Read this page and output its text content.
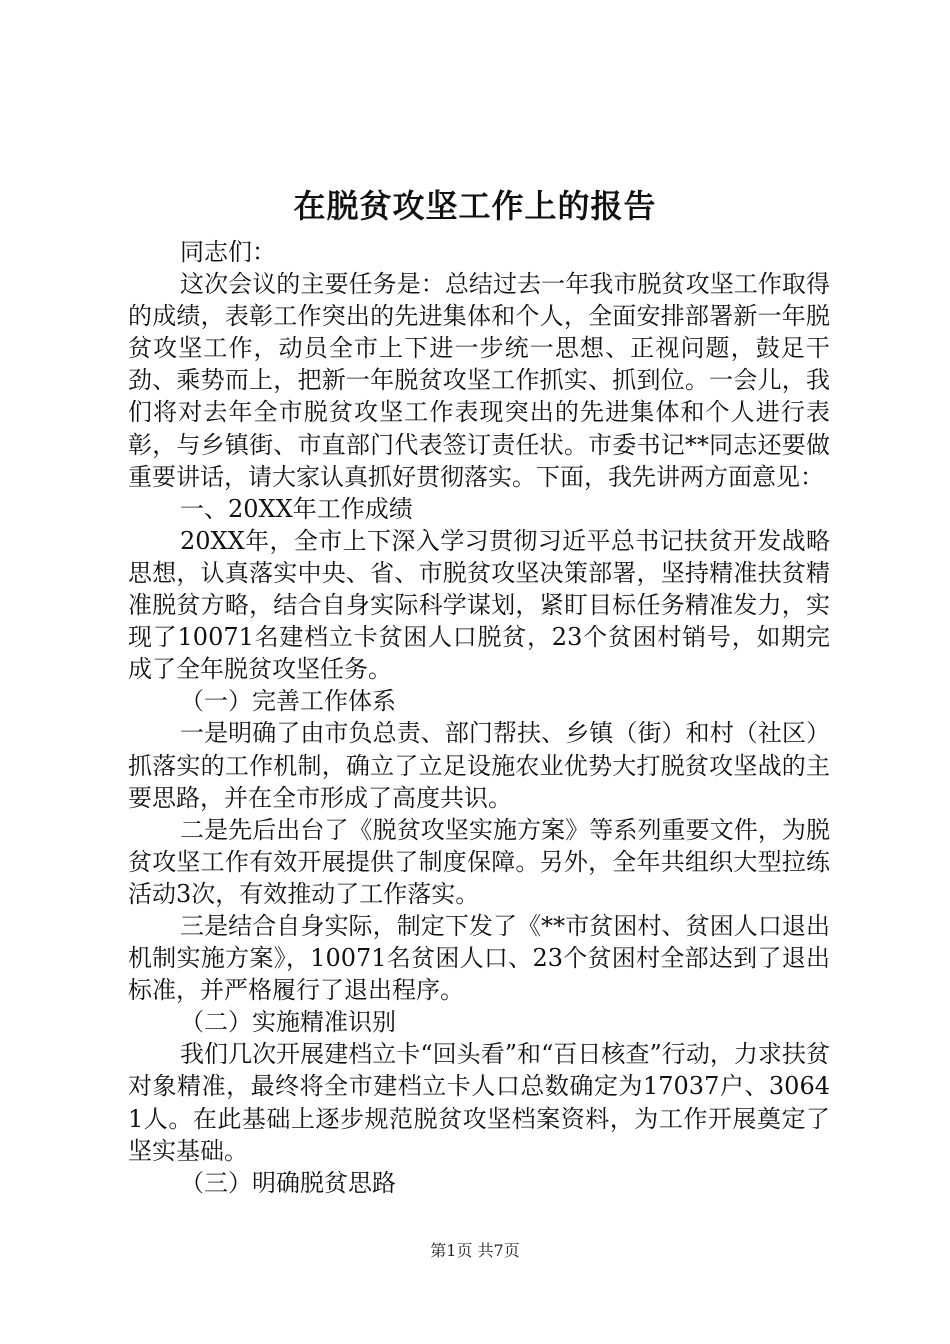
在脱贫攻坚工作上的报告

同志们：

这次会议的主要任务是：总结过去一年我市脱贫攻坚工作取得的成绩，表彰工作突出的先进集体和个人，全面安排部署新一年脱贫攻坚工作，动员全市上下进一步统一思想、正视问题，鼓足干劲、乘势而上，把新一年脱贫攻坚工作抓实、抓到位。一会儿，我们将对去年全市脱贫攻坚工作表现突出的先进集体和个人进行表彰，与乡镇街、市直部门代表签订责任状。市委书记**同志还要做重要讲话，请大家认真抓好贯彻落实。下面，我先讲两方面意见：

一、20XX年工作成绩

20XX年，全市上下深入学习贯彻习近平总书记扶贫开发战略思想，认真落实中央、省、市脱贫攻坚决策部署，坚持精准扶贫精准脱贫方略，结合自身实际科学谋划，紧盯目标任务精准发力，实现了10071名建档立卡贫困人口脱贫，23个贫困村销号，如期完成了全年脱贫攻坚任务。

（一）完善工作体系

一是明确了由市负总责、部门帮扶、乡镇（街）和村（社区）抓落实的工作机制，确立了立足设施农业优势大打脱贫攻坚战的主要思路，并在全市形成了高度共识。

二是先后出台了《脱贫攻坚实施方案》等系列重要文件，为脱贫攻坚工作有效开展提供了制度保障。另外，全年共组织大型拉练活动3次，有效推动了工作落实。

三是结合自身实际，制定下发了《**市贫困村、贫困人口退出机制实施方案》，10071名贫困人口、23个贫困村全部达到了退出标准，并严格履行了退出程序。

（二）实施精准识别

我们几次开展建档立卡“回头看”和“百日核查”行动，力求扶贫对象精准，最终将全市建档立卡人口总数确定为17037户、30641人。在此基础上逐步规范脱贫攻坚档案资料，为工作开展奠定了坚实基础。

（三）明确脱贫思路

第1页 共7页
